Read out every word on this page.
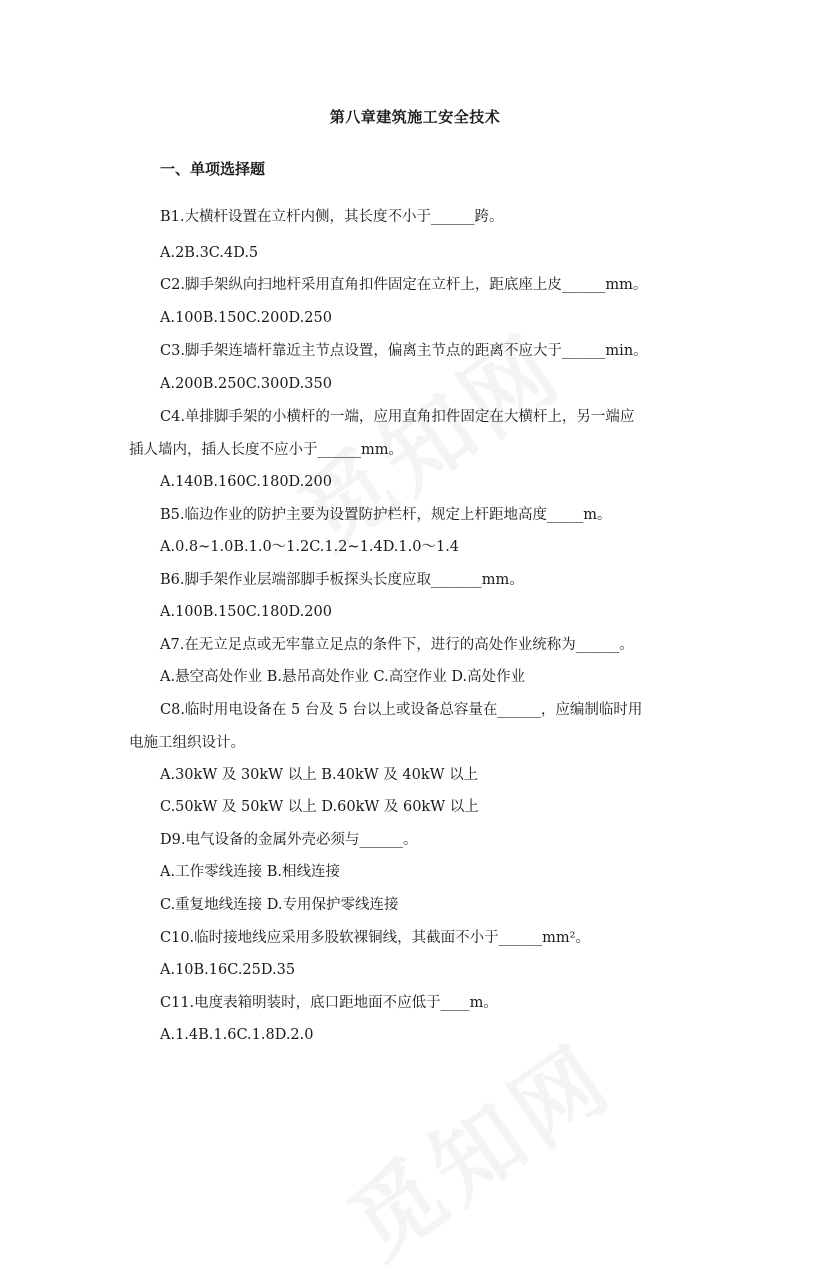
第八章建筑施工安全技术
一、单项选择题
B1.大横杆设置在立杆内侧，其长度不小于______跨。
A.2B.3C.4D.5
C2.脚手架纵向扫地杆采用直角扣件固定在立杆上，距底座上皮______mm。
A.100B.150C.200D.250
C3.脚手架连墙杆靠近主节点设置，偏离主节点的距离不应大于______min。
A.200B.250C.300D.350
C4.单排脚手架的小横杆的一端，应用直角扣件固定在大横杆上，另一端应
插人墙内，插人长度不应小于______mm。
A.140B.160C.180D.200
B5.临边作业的防护主要为设置防护栏杆，规定上杆距地高度_____m。
A.0.8~1.0B.1.0～1.2C.1.2~1.4D.1.0～1.4
B6.脚手架作业层端部脚手板探头长度应取_______mm。
A.100B.150C.180D.200
A7.在无立足点或无牢靠立足点的条件下，进行的高处作业统称为______。
A.悬空高处作业 B.悬吊高处作业 C.高空作业 D.高处作业
C8.临时用电设备在 5 台及 5 台以上或设备总容量在______，应编制临时用
电施工组织设计。
A.30kW 及 30kW 以上 B.40kW 及 40kW 以上
C.50kW 及 50kW 以上 D.60kW 及 60kW 以上
D9.电气设备的金属外壳必须与______。
A.工作零线连接 B.相线连接
C.重复地线连接 D.专用保护零线连接
C10.临时接地线应采用多股软裸铜线，其截面不小于______mm²。
A.10B.16C.25D.35
C11.电度表箱明装时，底口距地面不应低于____m。
A.1.4B.1.6C.1.8D.2.0
